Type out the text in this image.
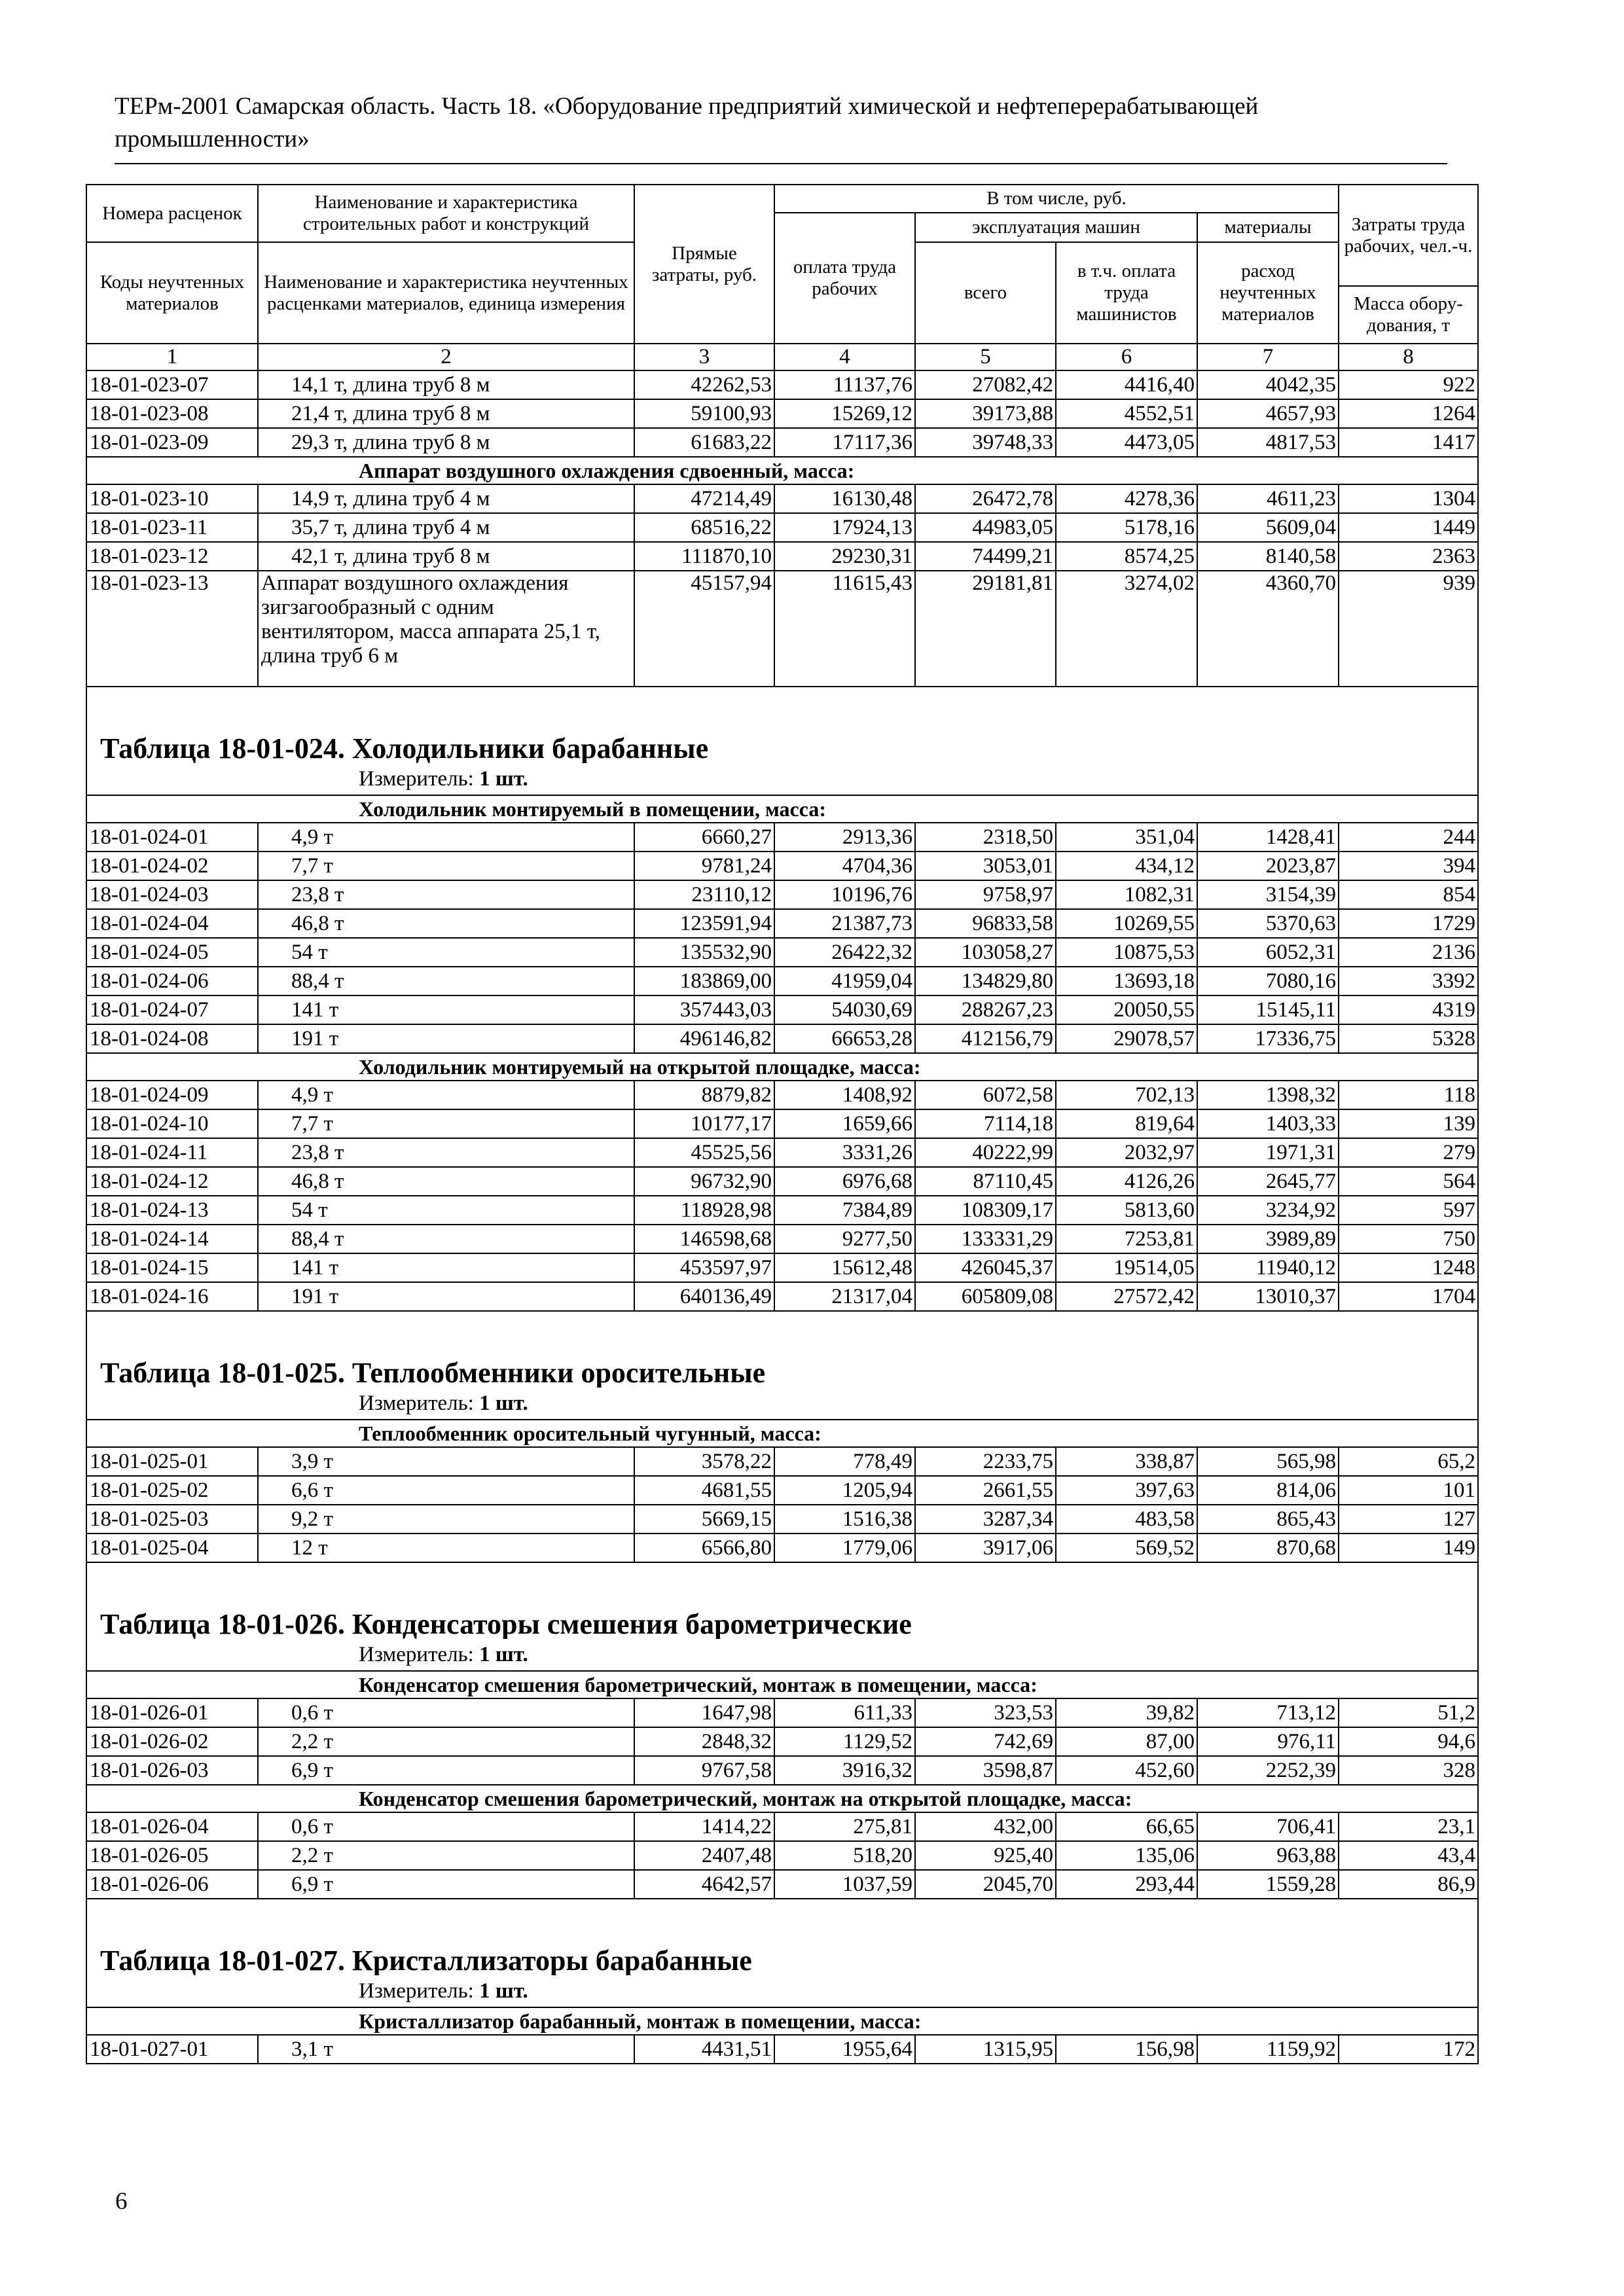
ТЕРм-2001 Самарская область. Часть 18. «Оборудование предприятий химической и нефтеперерабатывающей промышленности»
Номера расценок	Наименование и характеристика строительных работ и конструкций	Прямые затраты, руб.	В том числе, руб.				Затраты труда рабочих, чел.-ч.
			оплата труда рабочих	эксплуатация машин		материалы	
Коды неучтенных материалов	Наименование и характеристика неучтенных расценками материалов, единица измерения			всего	в т.ч. оплата труда машинистов	расход неучтенных материалов	
							Масса обору-дования, т
1	2	3	4	5	6	7	8
18-01-023-07	14,1 т, длина труб 8 м	42262,53	11137,76	27082,42	4416,40	4042,35	922
18-01-023-08	21,4 т, длина труб 8 м	59100,93	15269,12	39173,88	4552,51	4657,93	1264
18-01-023-09	29,3 т, длина труб 8 м	61683,22	17117,36	39748,33	4473,05	4817,53	1417
Аппарат воздушного охлаждения сдвоенный, масса:							
18-01-023-10	14,9 т, длина труб 4 м	47214,49	16130,48	26472,78	4278,36	4611,23	1304
18-01-023-11	35,7 т, длина труб 4 м	68516,22	17924,13	44983,05	5178,16	5609,04	1449
18-01-023-12	42,1 т, длина труб 8 м	111870,10	29230,31	74499,21	8574,25	8140,58	2363
18-01-023-13	Аппарат воздушного охлаждения зигзагообразный с одним вентилятором, масса аппарата 25,1 т, длина труб 6 м	45157,94	11615,43	29181,81	3274,02	4360,70	939
Таблица 18-01-024. Холодильники барабанные							
Измеритель: 1 шт.							
Холодильник монтируемый в помещении, масса:							
18-01-024-01	4,9 т	6660,27	2913,36	2318,50	351,04	1428,41	244
18-01-024-02	7,7 т	9781,24	4704,36	3053,01	434,12	2023,87	394
18-01-024-03	23,8 т	23110,12	10196,76	9758,97	1082,31	3154,39	854
18-01-024-04	46,8 т	123591,94	21387,73	96833,58	10269,55	5370,63	1729
18-01-024-05	54 т	135532,90	26422,32	103058,27	10875,53	6052,31	2136
18-01-024-06	88,4 т	183869,00	41959,04	134829,80	13693,18	7080,16	3392
18-01-024-07	141 т	357443,03	54030,69	288267,23	20050,55	15145,11	4319
18-01-024-08	191 т	496146,82	66653,28	412156,79	29078,57	17336,75	5328
Холодильник монтируемый на открытой площадке, масса:							
18-01-024-09	4,9 т	8879,82	1408,92	6072,58	702,13	1398,32	118
18-01-024-10	7,7 т	10177,17	1659,66	7114,18	819,64	1403,33	139
18-01-024-11	23,8 т	45525,56	3331,26	40222,99	2032,97	1971,31	279
18-01-024-12	46,8 т	96732,90	6976,68	87110,45	4126,26	2645,77	564
18-01-024-13	54 т	118928,98	7384,89	108309,17	5813,60	3234,92	597
18-01-024-14	88,4 т	146598,68	9277,50	133331,29	7253,81	3989,89	750
18-01-024-15	141 т	453597,97	15612,48	426045,37	19514,05	11940,12	1248
18-01-024-16	191 т	640136,49	21317,04	605809,08	27572,42	13010,37	1704
Таблица 18-01-025. Теплообменники оросительные							
Измеритель: 1 шт.							
Теплообменник оросительный чугунный, масса:							
18-01-025-01	3,9 т	3578,22	778,49	2233,75	338,87	565,98	65,2
18-01-025-02	6,6 т	4681,55	1205,94	2661,55	397,63	814,06	101
18-01-025-03	9,2 т	5669,15	1516,38	3287,34	483,58	865,43	127
18-01-025-04	12 т	6566,80	1779,06	3917,06	569,52	870,68	149
Таблица 18-01-026. Конденсаторы смешения барометрические							
Измеритель: 1 шт.							
Конденсатор смешения барометрический, монтаж в помещении, масса:							
18-01-026-01	0,6 т	1647,98	611,33	323,53	39,82	713,12	51,2
18-01-026-02	2,2 т	2848,32	1129,52	742,69	87,00	976,11	94,6
18-01-026-03	6,9 т	9767,58	3916,32	3598,87	452,60	2252,39	328
Конденсатор смешения барометрический, монтаж на открытой площадке, масса:							
18-01-026-04	0,6 т	1414,22	275,81	432,00	66,65	706,41	23,1
18-01-026-05	2,2 т	2407,48	518,20	925,40	135,06	963,88	43,4
18-01-026-06	6,9 т	4642,57	1037,59	2045,70	293,44	1559,28	86,9
Таблица 18-01-027. Кристаллизаторы барабанные							
Измеритель: 1 шт.							
Кристаллизатор барабанный, монтаж в помещении, масса:							
18-01-027-01	3,1 т	4431,51	1955,64	1315,95	156,98	1159,92	172
6
